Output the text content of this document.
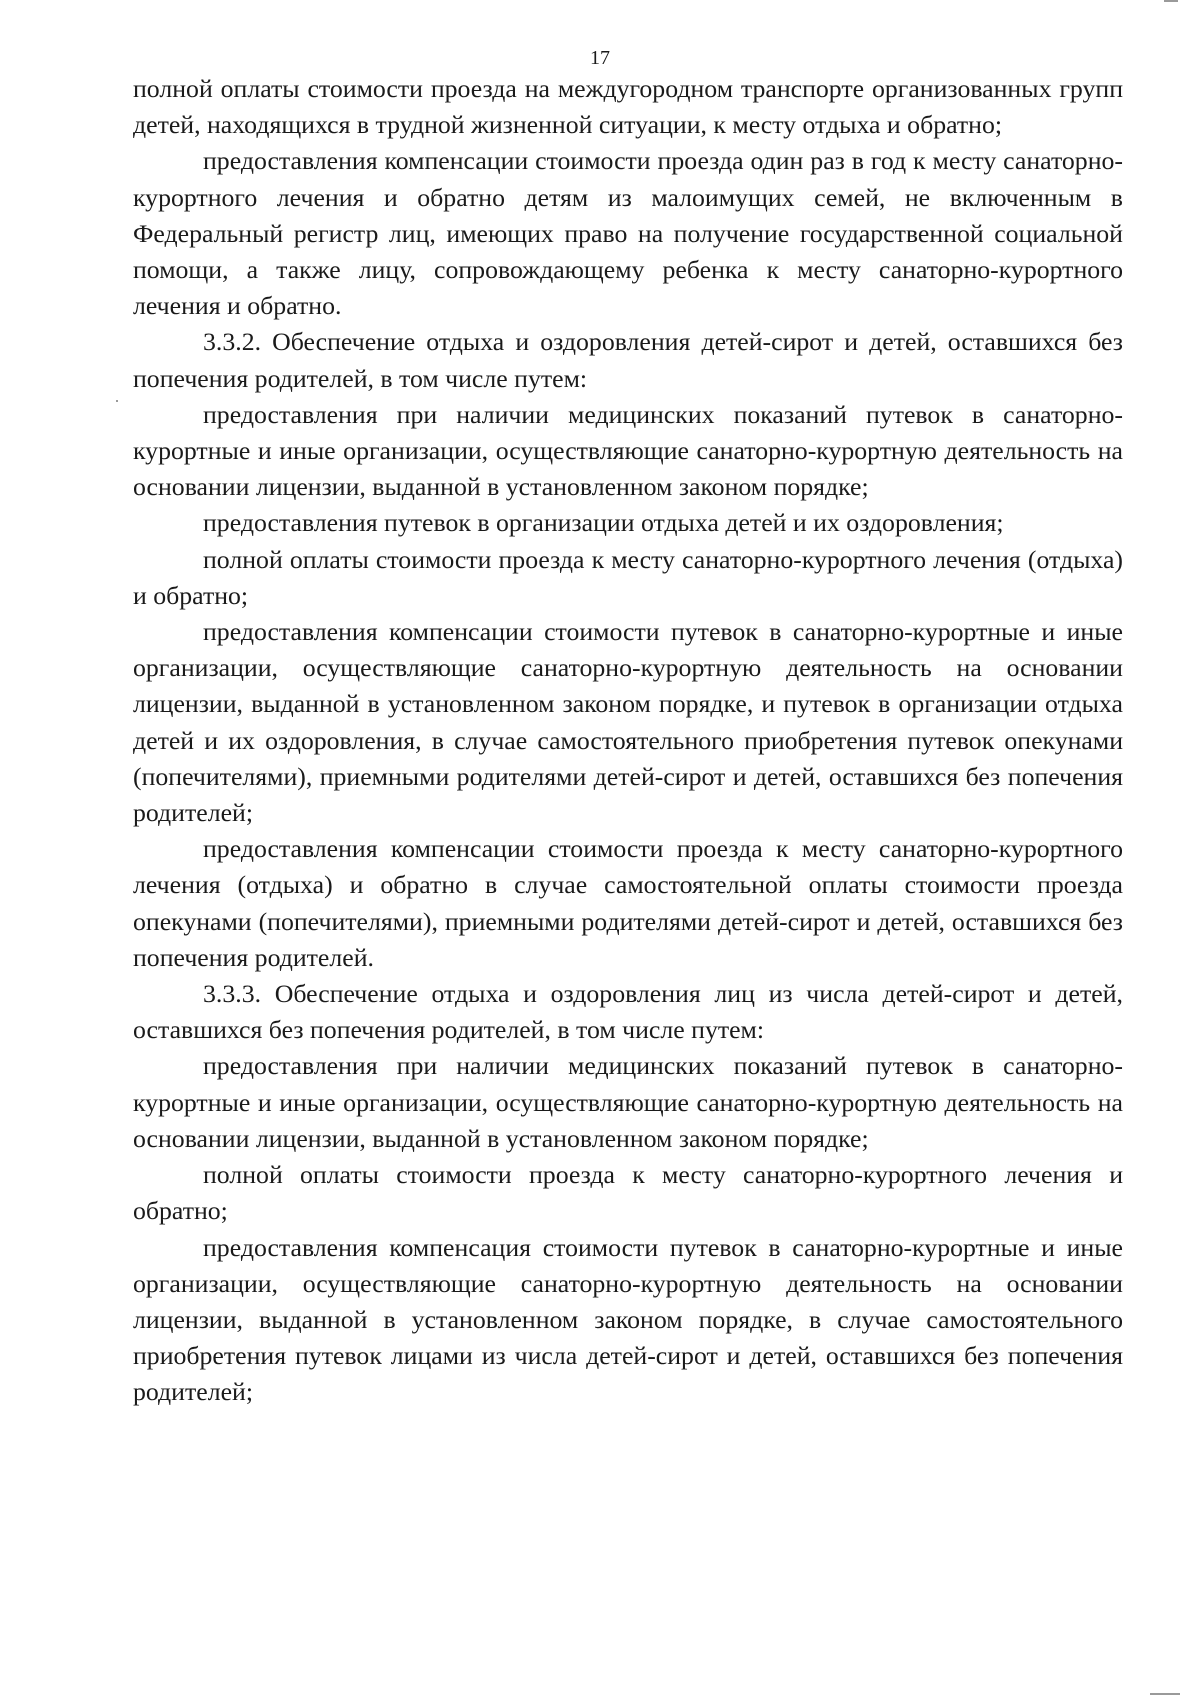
17

полной оплаты стоимости проезда на междугородном транспорте организованных групп детей, находящихся в трудной жизненной ситуации, к месту отдыха и обратно;

предоставления компенсации стоимости проезда один раз в год к месту санаторно-курортного лечения и обратно детям из малоимущих семей, не включенным в Федеральный регистр лиц, имеющих право на получение государственной социальной помощи, а также лицу, сопровождающему ребенка к месту санаторно-курортного лечения и обратно.

3.3.2. Обеспечение отдыха и оздоровления детей-сирот и детей, оставшихся без попечения родителей, в том числе путем:

предоставления при наличии медицинских показаний путевок в санаторно-курортные и иные организации, осуществляющие санаторно-курортную деятельность на основании лицензии, выданной в установленном законом порядке;

предоставления путевок в организации отдыха детей и их оздоровления;

полной оплаты стоимости проезда к месту санаторно-курортного лечения (отдыха) и обратно;

предоставления компенсации стоимости путевок в санаторно-курортные и иные организации, осуществляющие санаторно-курортную деятельность на основании лицензии, выданной в установленном законом порядке, и путевок в организации отдыха детей и их оздоровления, в случае самостоятельного приобретения путевок опекунами (попечителями), приемными родителями детей-сирот и детей, оставшихся без попечения родителей;

предоставления компенсации стоимости проезда к месту санаторно-курортного лечения (отдыха) и обратно в случае самостоятельной оплаты стоимости проезда опекунами (попечителями), приемными родителями детей-сирот и детей, оставшихся без попечения родителей.

3.3.3. Обеспечение отдыха и оздоровления лиц из числа детей-сирот и детей, оставшихся без попечения родителей, в том числе путем:

предоставления при наличии медицинских показаний путевок в санаторно-курортные и иные организации, осуществляющие санаторно-курортную деятельность на основании лицензии, выданной в установленном законом порядке;

полной оплаты стоимости проезда к месту санаторно-курортного лечения и обратно;

предоставления компенсация стоимости путевок в санаторно-курортные и иные организации, осуществляющие санаторно-курортную деятельность на основании лицензии, выданной в установленном законом порядке, в случае самостоятельного приобретения путевок лицами из числа детей-сирот и детей, оставшихся без попечения родителей;
